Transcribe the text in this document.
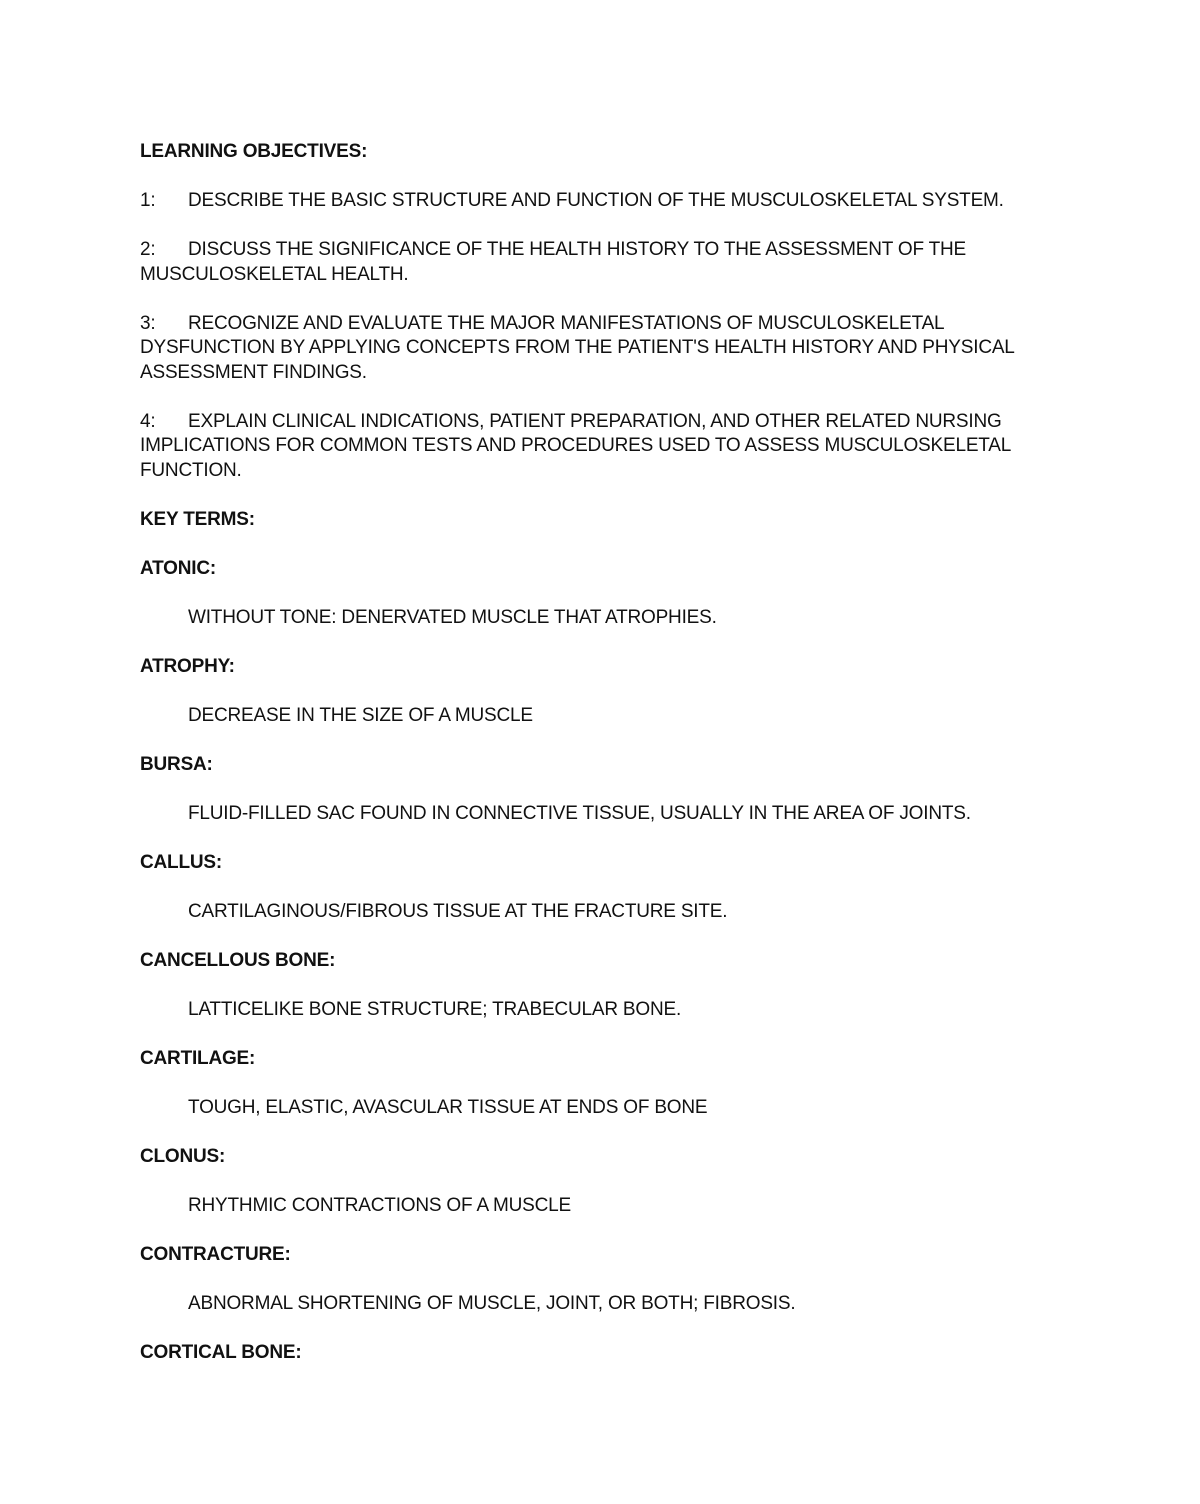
LEARNING OBJECTIVES:
1: DESCRIBE THE BASIC STRUCTURE AND FUNCTION OF THE MUSCULOSKELETAL SYSTEM.
2: DISCUSS THE SIGNIFICANCE OF THE HEALTH HISTORY TO THE ASSESSMENT OF THE MUSCULOSKELETAL HEALTH.
3: RECOGNIZE AND EVALUATE THE MAJOR MANIFESTATIONS OF MUSCULOSKELETAL DYSFUNCTION BY APPLYING CONCEPTS FROM THE PATIENT'S HEALTH HISTORY AND PHYSICAL ASSESSMENT FINDINGS.
4: EXPLAIN CLINICAL INDICATIONS, PATIENT PREPARATION, AND OTHER RELATED NURSING IMPLICATIONS FOR COMMON TESTS AND PROCEDURES USED TO ASSESS MUSCULOSKELETAL FUNCTION.
KEY TERMS:
ATONIC:
WITHOUT TONE: DENERVATED MUSCLE THAT ATROPHIES.
ATROPHY:
DECREASE IN THE SIZE OF A MUSCLE
BURSA:
FLUID-FILLED SAC FOUND IN CONNECTIVE TISSUE, USUALLY IN THE AREA OF JOINTS.
CALLUS:
CARTILAGINOUS/FIBROUS TISSUE AT THE FRACTURE SITE.
CANCELLOUS BONE:
LATTICELIKE BONE STRUCTURE; TRABECULAR BONE.
CARTILAGE:
TOUGH, ELASTIC, AVASCULAR TISSUE AT ENDS OF BONE
CLONUS:
RHYTHMIC CONTRACTIONS OF A MUSCLE
CONTRACTURE:
ABNORMAL SHORTENING OF MUSCLE, JOINT, OR BOTH; FIBROSIS.
CORTICAL BONE:
